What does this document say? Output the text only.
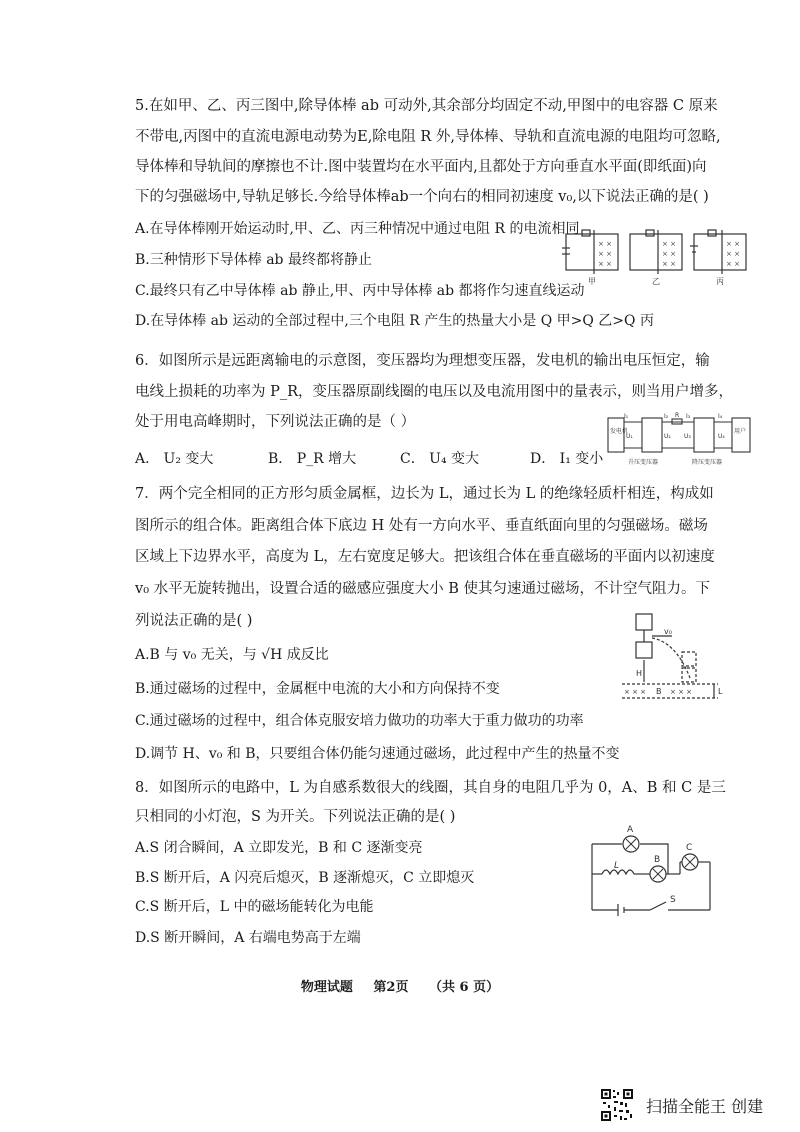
5.在如甲、乙、丙三图中,除导体棒 ab 可动外,其余部分均固定不动,甲图中的电容器 C 原来
不带电,丙图中的直流电源电动势为E,除电阻 R 外,导体棒、导轨和直流电源的电阻均可忽略,
导体棒和导轨间的摩擦也不计.图中装置均在水平面内,且都处于方向垂直水平面(即纸面)向
下的匀强磁场中,导轨足够长.今给导体棒ab一个向右的相同初速度 v₀,以下说法正确的是( )
A.在导体棒刚开始运动时,甲、乙、丙三种情况中通过电阻 R 的电流相同
B.三种情形下导体棒 ab 最终都将静止
C.最终只有乙中导体棒 ab 静止,甲、丙中导体棒 ab 都将作匀速直线运动
D.在导体棒 ab 运动的全部过程中,三个电阻 R 产生的热量大小是 Q 甲>Q 乙>Q 丙
× ×
× ×
× ×
× ×
× ×
× ×
× ×
× ×
× ×
甲	乙	丙
6．如图所示是远距离输电的示意图，变压器均为理想变压器，发电机的输出电压恒定，输
电线上损耗的功率为 P_R，变压器原副线圈的电压以及电流用图中的量表示，则当用户增多，
处于用电高峰期时，下列说法正确的是（ ）
A． U₂ 变大	B． P_R 增大	C． U₄ 变大	D． I₁ 变小
发电机	用户
I₁	I₂	I₃	I₄
U₁	U₂ U₃	U₄
R
升压变压器	降压变压器
7．两个完全相同的正方形匀质金属框，边长为 L，通过长为 L 的绝缘轻质杆相连，构成如
图所示的组合体。距离组合体下底边 H 处有一方向水平、垂直纸面向里的匀强磁场。磁场
区域上下边界水平，高度为 L，左右宽度足够大。把该组合体在垂直磁场的平面内以初速度
v₀ 水平无旋转抛出，设置合适的磁感应强度大小 B 使其匀速通过磁场，不计空气阻力。下
列说法正确的是( )
A.B 与 v₀ 无关，与 √H 成反比
B.通过磁场的过程中，金属框中电流的大小和方向保持不变
C.通过磁场的过程中，组合体克服安培力做功的功率大于重力做功的功率
D.调节 H、v₀ 和 B，只要组合体仍能匀速通过磁场，此过程中产生的热量不变
v₀
H
B	L
× × ×	× × ×
8．如图所示的电路中，L 为自感系数很大的线圈，其自身的电阻几乎为 0，A、B 和 C 是三
只相同的小灯泡，S 为开关。下列说法正确的是( )
A.S 闭合瞬间，A 立即发光，B 和 C 逐渐变亮
B.S 断开后，A 闪亮后熄灭，B 逐渐熄灭，C 立即熄灭
C.S 断开后，L 中的磁场能转化为电能
D.S 断开瞬间，A 右端电势高于左端
A
B
C
L
S
物理试题 第2页 （共 6 页）
扫描全能王 创建
